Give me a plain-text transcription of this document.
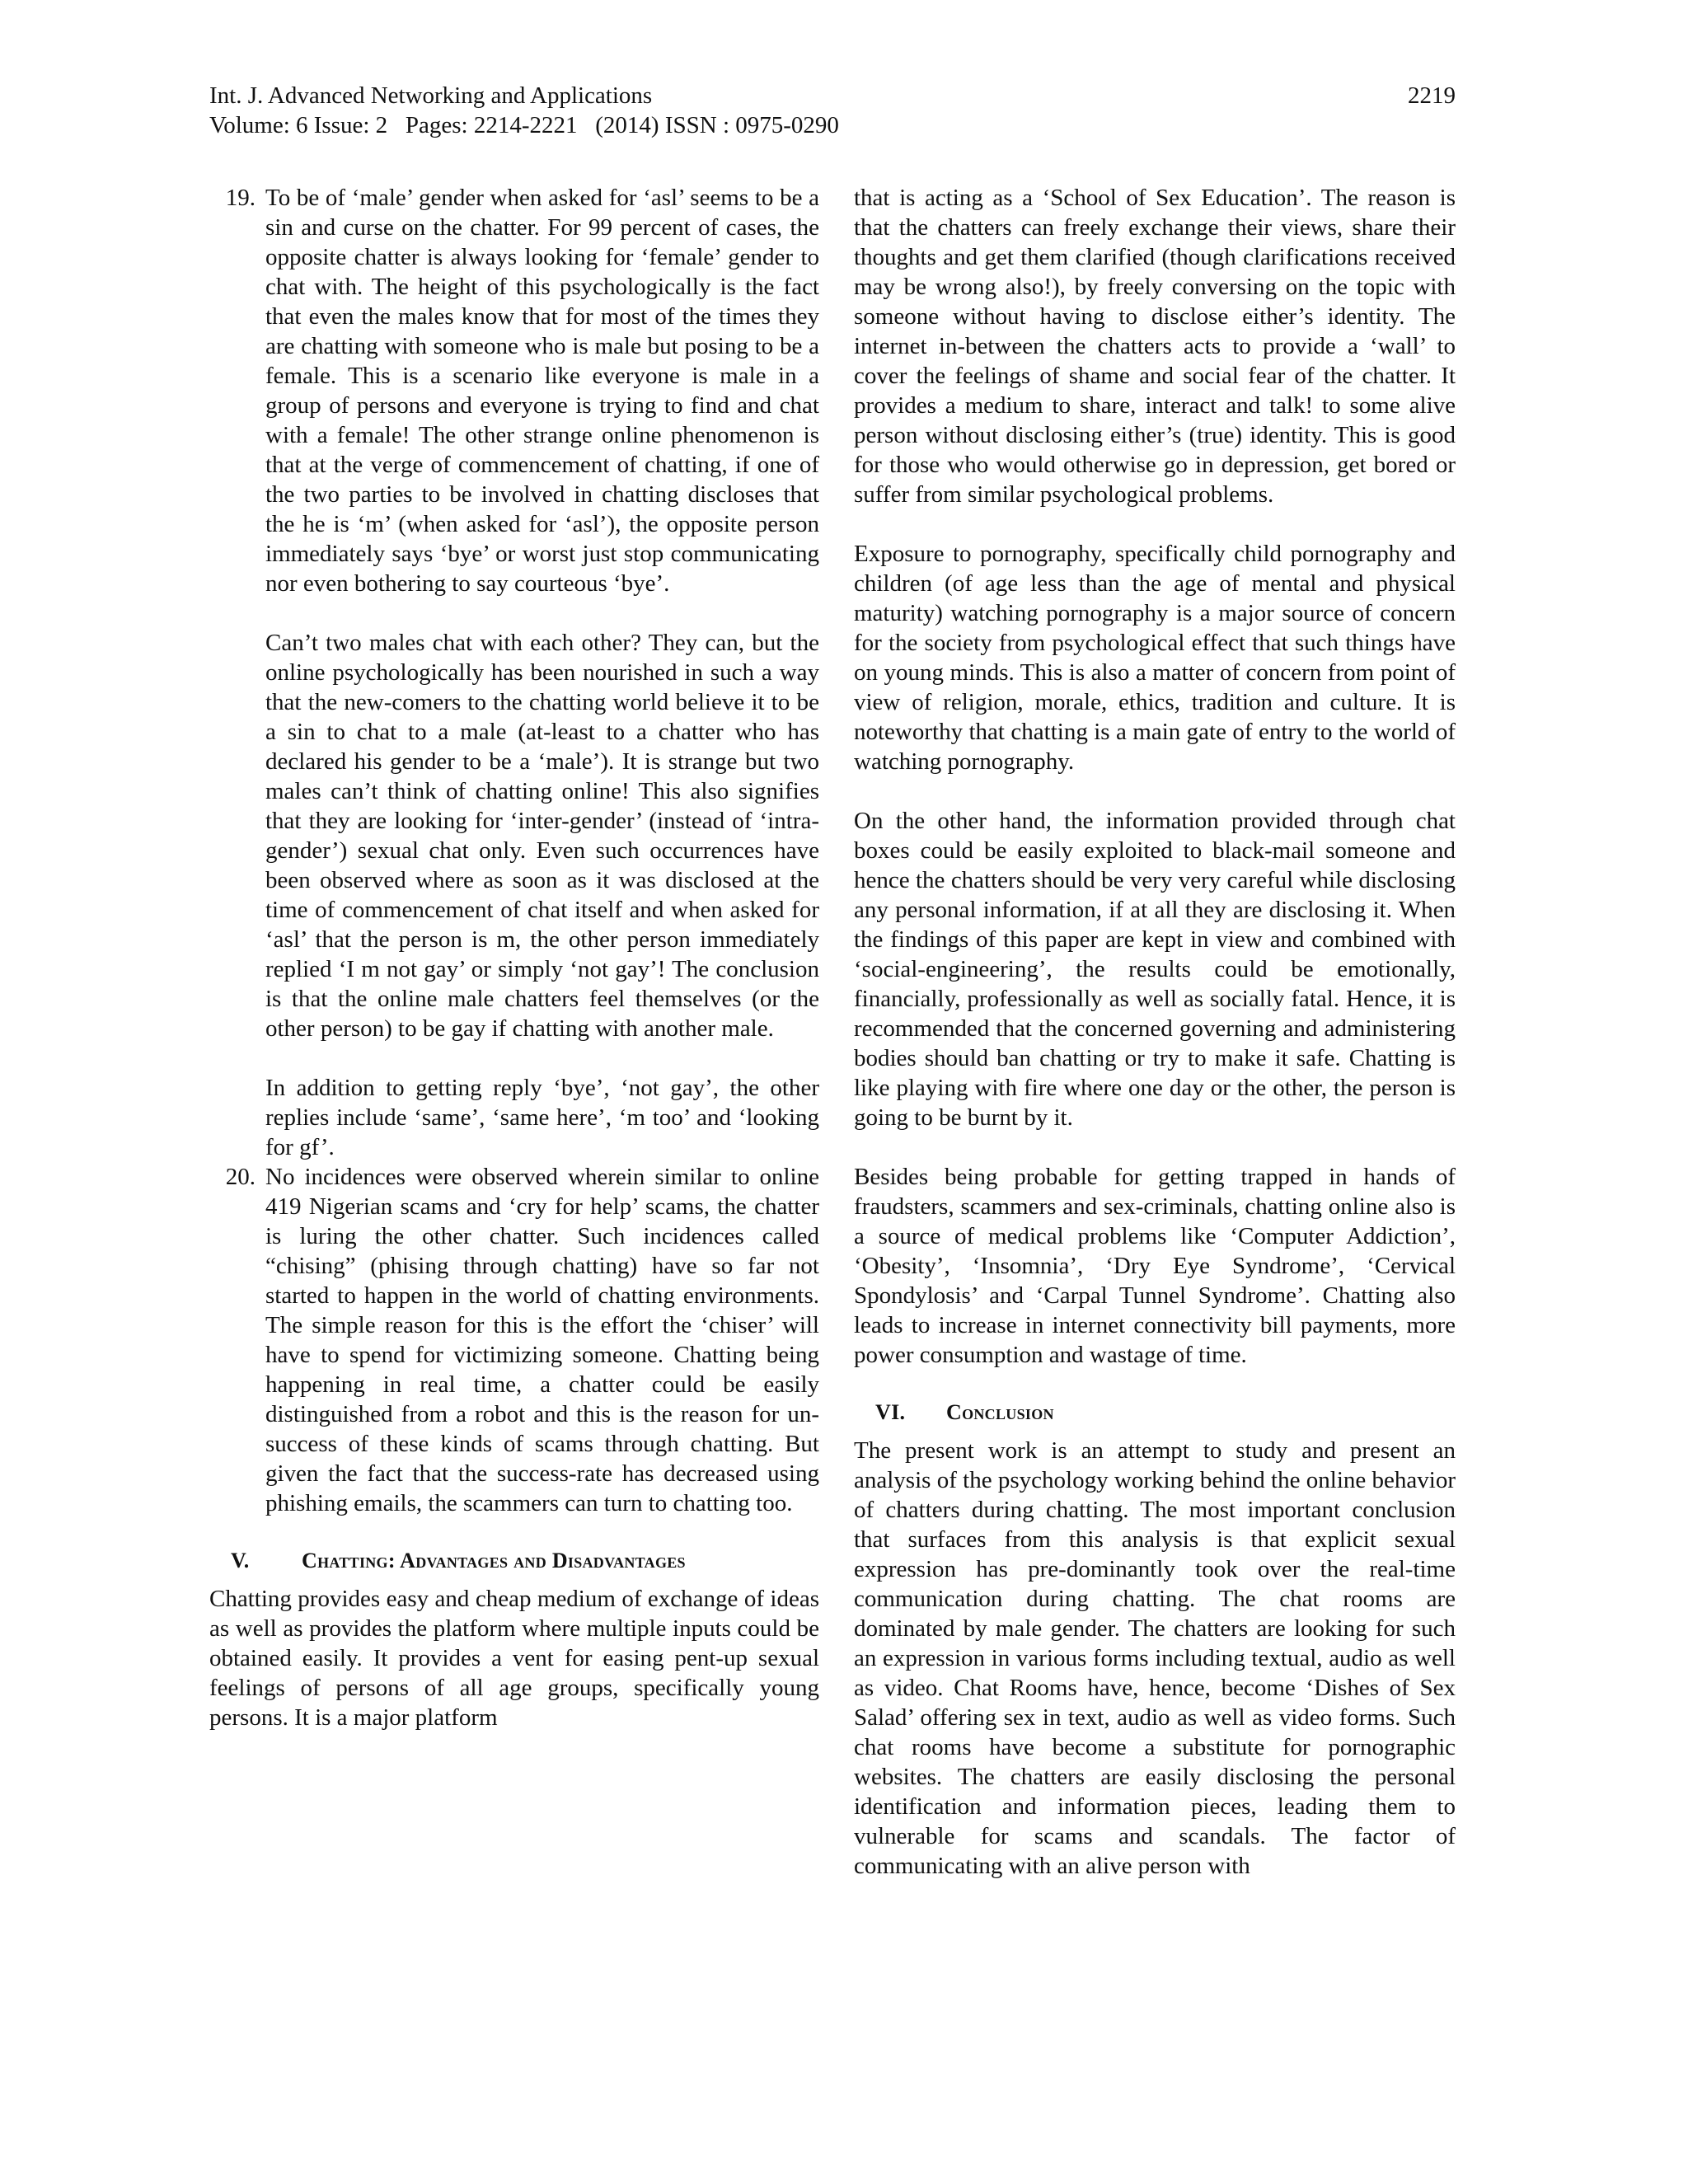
Int. J. Advanced Networking and Applications	2219
Volume: 6 Issue: 2   Pages: 2214-2221   (2014) ISSN : 0975-0290
19. To be of ‘male’ gender when asked for ‘asl’ seems to be a sin and curse on the chatter. For 99 percent of cases, the opposite chatter is always looking for ‘female’ gender to chat with. The height of this psychologically is the fact that even the males know that for most of the times they are chatting with someone who is male but posing to be a female. This is a scenario like everyone is male in a group of persons and everyone is trying to find and chat with a female! The other strange online phenomenon is that at the verge of commencement of chatting, if one of the two parties to be involved in chatting discloses that the he is ‘m’ (when asked for ‘asl’), the opposite person immediately says ‘bye’ or worst just stop communicating nor even bothering to say courteous ‘bye’.

Can’t two males chat with each other? They can, but the online psychologically has been nourished in such a way that the new-comers to the chatting world believe it to be a sin to chat to a male (at-least to a chatter who has declared his gender to be a ‘male’). It is strange but two males can’t think of chatting online! This also signifies that they are looking for ‘inter-gender’ (instead of ‘intra-gender’) sexual chat only. Even such occurrences have been observed where as soon as it was disclosed at the time of commencement of chat itself and when asked for ‘asl’ that the person is m, the other person immediately replied ‘I m not gay’ or simply ‘not gay’! The conclusion is that the online male chatters feel themselves (or the other person) to be gay if chatting with another male.

In addition to getting reply ‘bye’, ‘not gay’, the other replies include ‘same’, ‘same here’, ‘m too’ and ‘looking for gf’.

20. No incidences were observed wherein similar to online 419 Nigerian scams and ‘cry for help’ scams, the chatter is luring the other chatter. Such incidences called “chising” (phising through chatting) have so far not started to happen in the world of chatting environments. The simple reason for this is the effort the ‘chiser’ will have to spend for victimizing someone. Chatting being happening in real time, a chatter could be easily distinguished from a robot and this is the reason for un-success of these kinds of scams through chatting. But given the fact that the success-rate has decreased using phishing emails, the scammers can turn to chatting too.

V.	Chatting: Advantages and Disadvantages

Chatting provides easy and cheap medium of exchange of ideas as well as provides the platform where multiple inputs could be obtained easily. It provides a vent for easing pent-up sexual feelings of persons of all age groups, specifically young persons. It is a major platform

that is acting as a ‘School of Sex Education’. The reason is that the chatters can freely exchange their views, share their thoughts and get them clarified (though clarifications received may be wrong also!), by freely conversing on the topic with someone without having to disclose either’s identity. The internet in-between the chatters acts to provide a ‘wall’ to cover the feelings of shame and social fear of the chatter. It provides a medium to share, interact and talk! to some alive person without disclosing either’s (true) identity. This is good for those who would otherwise go in depression, get bored or suffer from similar psychological problems.

Exposure to pornography, specifically child pornography and children (of age less than the age of mental and physical maturity) watching pornography is a major source of concern for the society from psychological effect that such things have on young minds. This is also a matter of concern from point of view of religion, morale, ethics, tradition and culture. It is noteworthy that chatting is a main gate of entry to the world of watching pornography.

On the other hand, the information provided through chat boxes could be easily exploited to black-mail someone and hence the chatters should be very very careful while disclosing any personal information, if at all they are disclosing it. When the findings of this paper are kept in view and combined with ‘social-engineering’, the results could be emotionally, financially, professionally as well as socially fatal. Hence, it is recommended that the concerned governing and administering bodies should ban chatting or try to make it safe. Chatting is like playing with fire where one day or the other, the person is going to be burnt by it.

Besides being probable for getting trapped in hands of fraudsters, scammers and sex-criminals, chatting online also is a source of medical problems like ‘Computer Addiction’, ‘Obesity’, ‘Insomnia’, ‘Dry Eye Syndrome’, ‘Cervical Spondylosis’ and ‘Carpal Tunnel Syndrome’. Chatting also leads to increase in internet connectivity bill payments, more power consumption and wastage of time.

VI.	Conclusion

The present work is an attempt to study and present an analysis of the psychology working behind the online behavior of chatters during chatting. The most important conclusion that surfaces from this analysis is that explicit sexual expression has pre-dominantly took over the real-time communication during chatting. The chat rooms are dominated by male gender. The chatters are looking for such an expression in various forms including textual, audio as well as video. Chat Rooms have, hence, become ‘Dishes of Sex Salad’ offering sex in text, audio as well as video forms. Such chat rooms have become a substitute for pornographic websites. The chatters are easily disclosing the personal identification and information pieces, leading them to vulnerable for scams and scandals. The factor of communicating with an alive person with
